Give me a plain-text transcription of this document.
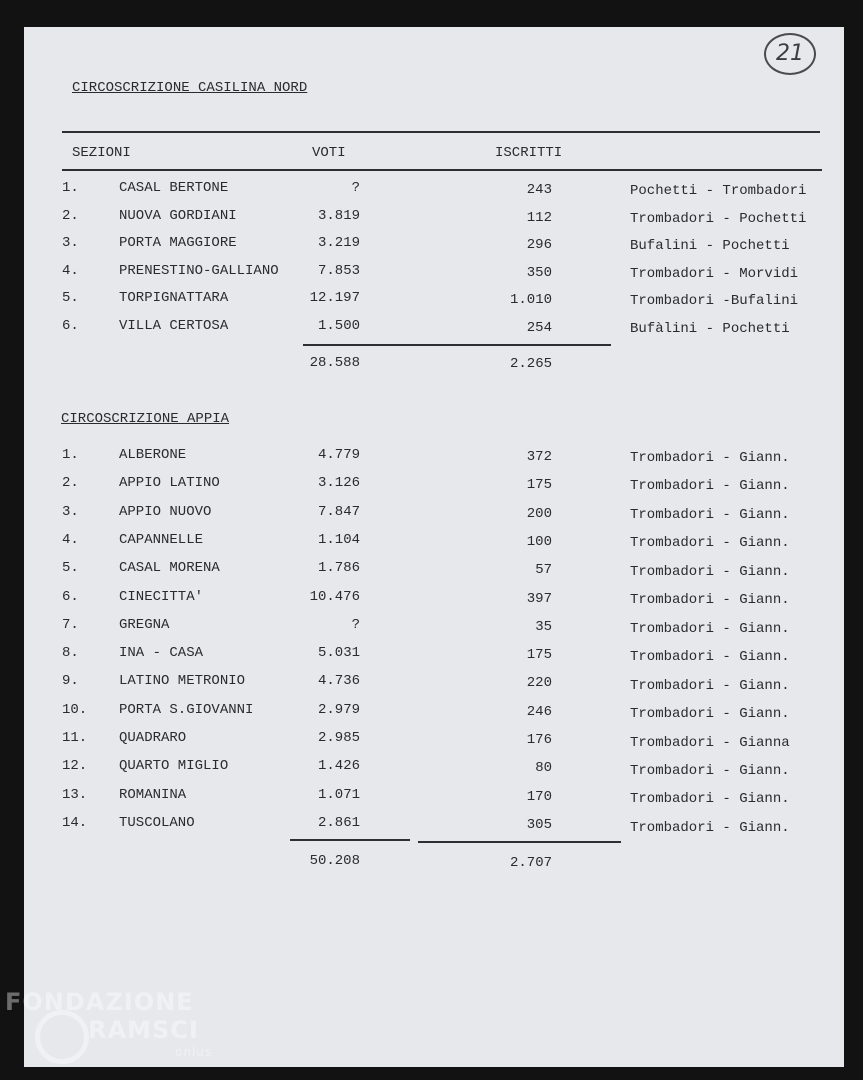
21
CIRCOSCRIZIONE CASILINA NORD
SEZIONI	VOTI	ISCRITTI
1.	CASAL BERTONE	?	243	Pochetti - Trombadori
2.	NUOVA GORDIANI	3.819	112	Trombadori - Pochetti
3.	PORTA MAGGIORE	3.219	296	Bufalini - Pochetti
4.	PRENESTINO-GALLIANO	7.853	350	Trombadori - Morvidi
5.	TORPIGNATTARA	12.197	1.010	Trombadori -Bufalini
6.	VILLA CERTOSA	1.500	254	Bufàlini - Pochetti
28.588	2.265
CIRCOSCRIZIONE APPIA
1.	ALBERONE	4.779	372	Trombadori - Giann.
2.	APPIO LATINO	3.126	175	Trombadori - Giann.
3.	APPIO NUOVO	7.847	200	Trombadori - Giann.
4.	CAPANNELLE	1.104	100	Trombadori - Giann.
5.	CASAL MORENA	1.786	57	Trombadori - Giann.
6.	CINECITTA'	10.476	397	Trombadori - Giann.
7.	GREGNA	?	35	Trombadori - Giann.
8.	INA - CASA	5.031	175	Trombadori - Giann.
9.	LATINO METRONIO	4.736	220	Trombadori - Giann.
10. PORTA S.GIOVANNI	2.979	246	Trombadori - Giann.
11. QUADRARO	2.985	176	Trombadori - Gianna
12. QUARTO MIGLIO	1.426	80	Trombadori - Giann.
13. ROMANINA	1.071	170	Trombadori - Giann.
14. TUSCOLANO	2.861	305	Trombadori - Giann.
50.208	2.707
FONDAZIONE
RAMSCI
onlus
